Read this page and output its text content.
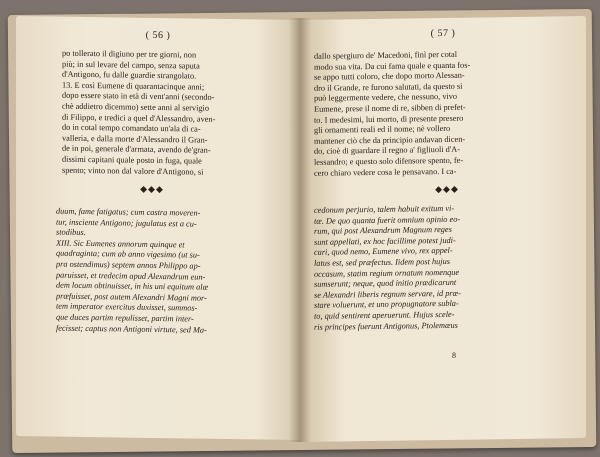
( 56 )
po tollerato il digiuno per tre giorni, non
più; in sul levare del campo, senza saputa
d'Antigono, fu dalle guardie strangolato.
13. E così Eumene di quarantacinque anni;
dopo essere stato in età di vent'anni (secondo-
chè addietro dicemmo) sette anni al servigio
di Filippo, e tredici a quel d'Alessandro, aven-
do in cotal tempo comandato un'ala di ca-
valleria, e dalla morte d'Alessandro il Gran-
de in poi, generale d'armata, avendo de'gran-
dissimi capitani quale posto in fuga, quale
spento; vinto non dal valore d'Antigono, si
◆◆◆
duum, fame fatigatus; cum castra moveren-
tur, insciente Antigono; jugulatus est a cu-
stodibus.
XIII. Sic Eumenes annorum quinque et
quadraginta; cum ab anno vigesimo (ut su-
pra ostendimus) septem annos Philippo ap-
paruisset, et tredecim apud Alexandrum eun-
dem locum obtinuisset, in his uni equitum alæ
præfuisset, post autem Alexandri Magni mor-
tem imperator exercitus duxisset, summos-
que duces partim repulisset, partim inter-
fecisset; captus non Antigoni virtute, sed Ma-
( 57 )
dallo spergiuro de' Macedoni, finì per cotal
modo sua vita. Da cui fama quale e quanta fos-
se appo tutti coloro, che dopo morto Alessan-
dro il Grande, re furono salutati, da questo si
può leggermente vedere, che nessuno, vivo
Eumene, prese il nome di re, sibben di prefet-
to. I medesimi, lui morto, di presente presero
gli ornamenti reali ed il nome; nè vollero
mantener ciò che da principio andavan dicen-
do, cioè di guardare il regno a' figliuoli d'A-
lessandro; e questo solo difensore spento, fe-
cero chiaro vedere cosa le pensavano. I ca-
◆◆◆
cedonum perjurio, talem habuit exitum vi-
tæ. De quo quanta fuerit omnium opinio eo-
rum, qui post Alexandrum Magnum reges
sunt appellati, ex hoc facillime potest judi-
cari, quod nemo, Eumene vivo, rex appel-
latus est, sed præfectus. Iidem post hujus
occasum, statim regium ornatum nomenque
sumserunt; neque, quod initio prædicarunt
se Alexandri liberis regnum servare, id præ-
stare voluerunt, et uno propugnatore subla-
to, quid sentirent aperuerunt. Hujus scele-
ris principes fuerunt Antigonus, Ptolemæus
8
